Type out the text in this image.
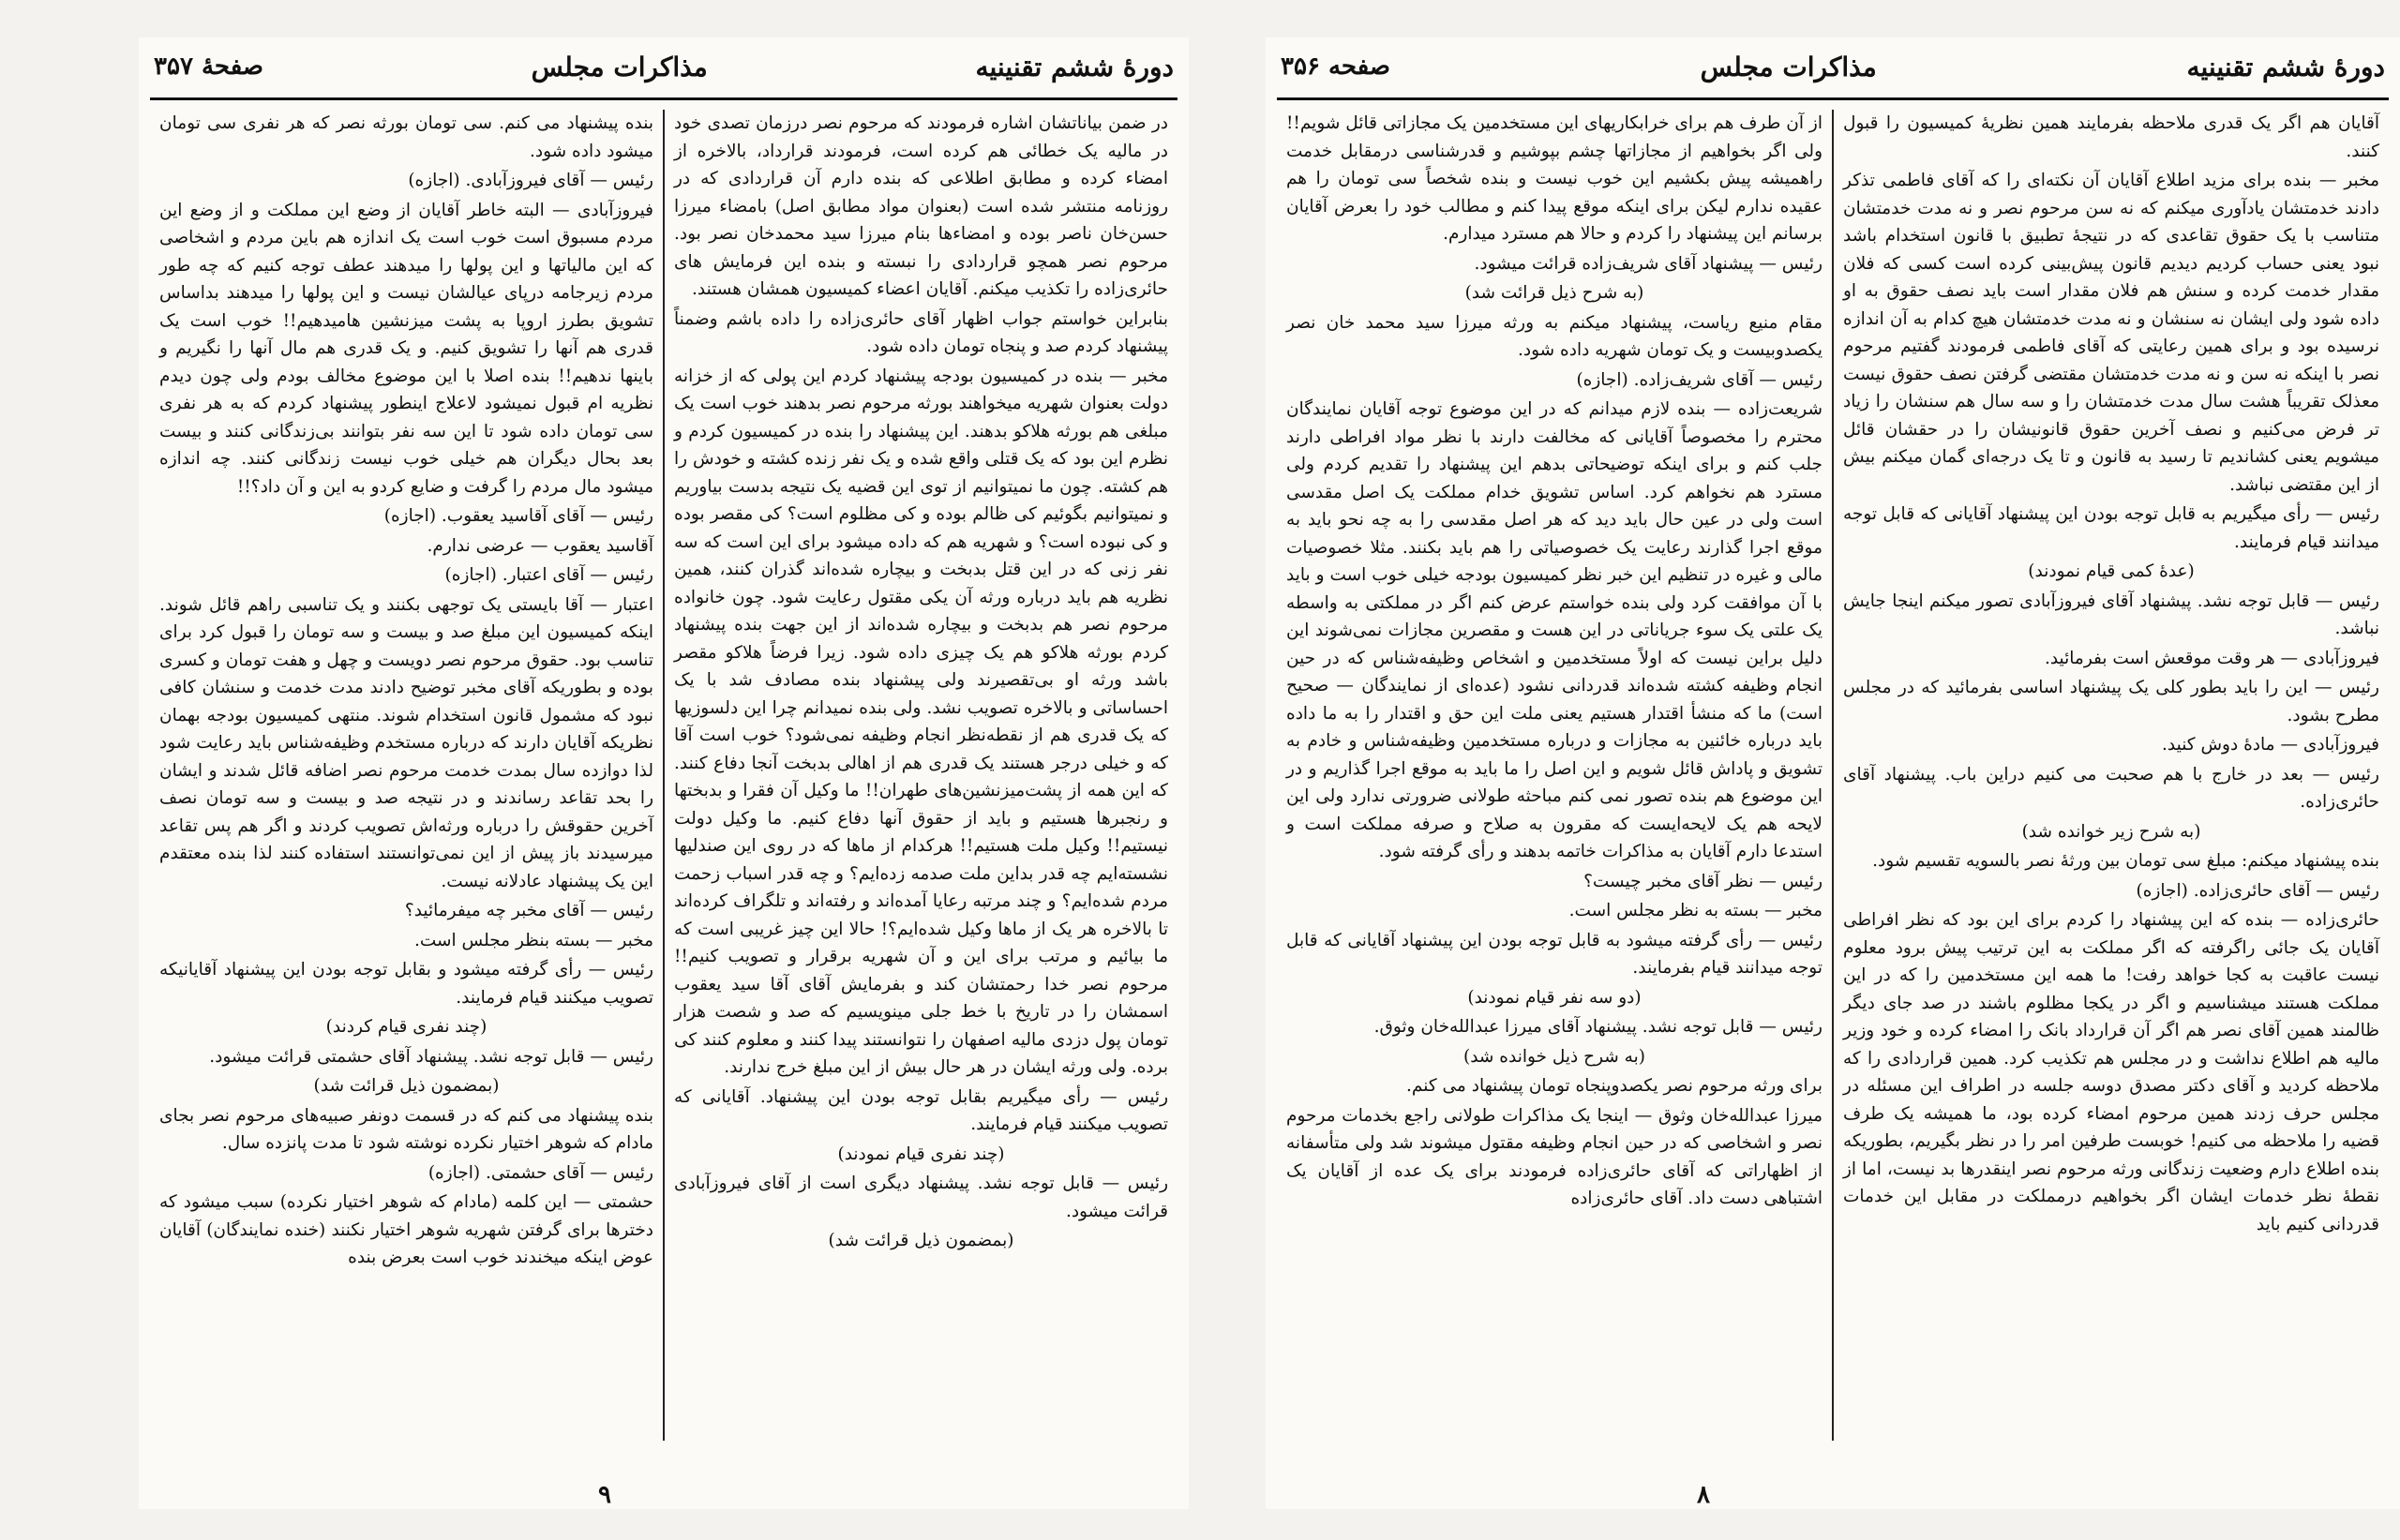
دورهٔ ششم تقنینیه
مذاکرات مجلس
صفحهٔ ۳۵۷

در ضمن بیاناتشان اشاره فرمودند که مرحوم نصر درزمان تصدی خود در مالیه یک خطائی هم کرده است، فرمودند قرارداد، بالاخره از امضاء کرده و مطابق اطلاعی که بنده دارم آن قراردادی که در روزنامه منتشر شده است (بعنوان مواد مطابق اصل) بامضاء میرزا حسن‌خان ناصر بوده و امضاءها بنام میرزا سید محمدخان نصر بود. مرحوم نصر همچو قراردادی را نبسته و بنده این فرمایش های حائری‌زاده را تکذیب میکنم. آقایان اعضاء کمیسیون همشان هستند.

بنابراین خواستم جواب اظهار آقای حائری‌زاده را داده باشم وضمناً پیشنهاد کردم صد و پنجاه تومان داده شود.

مخبر — بنده در کمیسیون بودجه پیشنهاد کردم این پولی که از خزانه دولت بعنوان شهریه میخواهند بورثه مرحوم نصر بدهند خوب است یک مبلغی هم بورثه هلاکو بدهند. این پیشنهاد را بنده در کمیسیون کردم و نظرم این بود که یک قتلی واقع شده و یک نفر زنده کشته و خودش را هم کشته. چون ما نمیتوانیم از توی این قضیه یک نتیجه بدست بیاوریم و نمیتوانیم بگوئیم کی ظالم بوده و کی مظلوم است؟ کی مقصر بوده و کی نبوده است؟ و شهریه هم که داده میشود برای این است که سه نفر زنی که در این قتل بدبخت و بیچاره شده‌اند گذران کنند، همین نظریه هم باید درباره ورثه آن یکی مقتول رعایت شود. چون خانواده مرحوم نصر هم بدبخت و بیچاره شده‌اند از این جهت بنده پیشنهاد کردم بورثه هلاکو هم یک چیزی داده شود. زیرا فرضاً هلاکو مقصر باشد ورثه او بی‌تقصیرند ولی پیشنهاد بنده مصادف شد با یک احساساتی و بالاخره تصویب نشد. ولی بنده نمیدانم چرا این دلسوزیها که یک قدری هم از نقطه‌نظر انجام وظیفه نمی‌شود؟ خوب است آقا که و خیلی درجر هستند یک قدری هم از اهالی بدبخت آنجا دفاع کنند. که این همه از پشت‌میزنشین‌های طهران!! ما وکیل آن فقرا و بدبختها و رنجبرها هستیم و باید از حقوق آنها دفاع کنیم. ما وکیل دولت نیستیم!! وکیل ملت هستیم!! هرکدام از ماها که در روی این صندلیها نشسته‌ایم چه قدر بداین ملت صدمه زده‌ایم؟ و چه قدر اسباب زحمت مردم شده‌ایم؟ و چند مرتبه رعایا آمده‌اند و رفته‌اند و تلگراف کرده‌اند تا بالاخره هر یک از ماها وکیل شده‌ایم؟! حالا این چیز غریبی است که ما بیائیم و مرتب برای این و آن شهریه برقرار و تصویب کنیم!! مرحوم نصر خدا رحمتشان کند و بفرمایش آقای آقا سید یعقوب اسمشان را در تاریخ با خط جلی مینویسیم که صد و شصت هزار تومان پول دزدی مالیه اصفهان را نتوانستند پیدا کنند و معلوم کنند کی برده. ولی ورثه ایشان در هر حال بیش از این مبلغ خرج ندارند.

رئیس — رأی میگیریم بقابل توجه بودن این پیشنهاد. آقایانی که تصویب میکنند قیام فرمایند.

(چند نفری قیام نمودند)

رئیس — قابل توجه نشد. پیشنهاد دیگری است از آقای فیروزآبادی قرائت میشود.

(بمضمون ذیل قرائت شد)

بنده پیشنهاد می کنم. سی تومان بورثه نصر که هر نفری سی تومان میشود داده شود.

رئیس — آقای فیروزآبادی. (اجازه)

فیروزآبادی — البته خاطر آقایان از وضع این مملکت و از وضع این مردم مسبوق است خوب است یک اندازه هم باین مردم و اشخاصی که این مالیاتها و این پولها را میدهند عطف توجه کنیم که چه طور مردم زیرجامه درپای عیالشان نیست و این پولها را میدهند بداساس تشویق بطرز اروپا به پشت میزنشین هامیدهیم!! خوب است یک قدری هم آنها را تشویق کنیم. و یک قدری هم مال آنها را نگیریم و باینها ندهیم!! بنده اصلا با این موضوع مخالف بودم ولی چون دیدم نظریه ام قبول نمیشود لاعلاج اینطور پیشنهاد کردم که به هر نفری سی تومان داده شود تا این سه نفر بتوانند بی‌زندگانی کنند و بیست بعد بحال دیگران هم خیلی خوب نیست زندگانی کنند. چه اندازه میشود مال مردم را گرفت و ضایع کردو به این و آن داد؟!!

رئیس — آقای آقاسید یعقوب. (اجازه)

آقاسید یعقوب — عرضی ندارم.

رئیس — آقای اعتبار. (اجازه)

اعتبار — آقا بایستی یک توجهی بکنند و یک تناسبی راهم قائل شوند. اینکه کمیسیون این مبلغ صد و بیست و سه تومان را قبول کرد برای تناسب بود. حقوق مرحوم نصر دویست و چهل و هفت تومان و کسری بوده و بطوریکه آقای مخبر توضیح دادند مدت خدمت و سنشان کافی نبود که مشمول قانون استخدام شوند. منتهی کمیسیون بودجه بهمان نظریکه آقایان دارند که درباره مستخدم وظیفه‌شناس باید رعایت شود لذا دوازده سال بمدت خدمت مرحوم نصر اضافه قائل شدند و ایشان را بحد تقاعد رساندند و در نتیجه صد و بیست و سه تومان نصف آخرین حقوقش را درباره ورثه‌اش تصویب کردند و اگر هم پس تقاعد میرسیدند باز پیش از این نمی‌توانستند استفاده کنند لذا بنده معتقدم این یک پیشنهاد عادلانه نیست.

رئیس — آقای مخبر چه میفرمائید؟

مخبر — بسته بنظر مجلس است.

رئیس — رأی گرفته میشود و بقابل توجه بودن این پیشنهاد آقایانیکه تصویب میکنند قیام فرمایند.

(چند نفری قیام کردند)

رئیس — قابل توجه نشد. پیشنهاد آقای حشمتی قرائت میشود.

(بمضمون ذیل قرائت شد)

بنده پیشنهاد می کنم که در قسمت دونفر صبیه‌های مرحوم نصر بجای مادام که شوهر اختیار نکرده نوشته شود تا مدت پانزده سال.

رئیس — آقای حشمتی. (اجازه)

حشمتی — این کلمه (مادام که شوهر اختیار نکرده) سبب میشود که دخترها برای گرفتن شهریه شوهر اختیار نکنند (خنده نمایندگان) آقایان عوض اینکه میخندند خوب است بعرض بنده

۹
دورهٔ ششم تقنینیه
مذاکرات مجلس
صفحه ۳۵۶

آقایان هم اگر یک قدری ملاحظه بفرمایند همین نظریهٔ کمیسیون را قبول کنند.

مخبر — بنده برای مزید اطلاع آقایان آن نکته‌ای را که آقای فاطمی تذکر دادند خدمتشان یادآوری میکنم که نه سن مرحوم نصر و نه مدت خدمتشان متناسب با یک حقوق تقاعدی که در نتیجهٔ تطبیق با قانون استخدام باشد نبود یعنی حساب کردیم دیدیم قانون پیش‌بینی کرده است کسی که فلان مقدار خدمت کرده و سنش هم فلان مقدار است باید نصف حقوق به او داده شود ولی ایشان نه سنشان و نه مدت خدمتشان هیچ کدام به آن اندازه نرسیده بود و برای همین رعایتی که آقای فاطمی فرمودند گفتیم مرحوم نصر با اینکه نه سن و نه مدت خدمتشان مقتضی گرفتن نصف حقوق نیست معذلک تقریباً هشت سال مدت خدمتشان را و سه سال هم سنشان را زیاد تر فرض می‌کنیم و نصف آخرین حقوق قانونیشان را در حقشان قائل میشویم یعنی کشاندیم تا رسید به قانون و تا یک درجه‌ای گمان میکنم بیش از این مقتضی نباشد.

رئیس — رأی میگیریم به قابل توجه بودن این پیشنهاد آقایانی که قابل توجه میدانند قیام فرمایند.

(عدهٔ کمی قیام نمودند)

رئیس — قابل توجه نشد. پیشنهاد آقای فیروزآبادی تصور میکنم اینجا جایش نباشد.

فیروزآبادی — هر وقت موقعش است بفرمائید.

رئیس — این را باید بطور کلی یک پیشنهاد اساسی بفرمائید که در مجلس مطرح بشود.

فیروزآبادی — مادهٔ دوش کنید.

رئیس — بعد در خارج با هم صحبت می کنیم دراین باب. پیشنهاد آقای حائری‌زاده.

(به شرح زیر خوانده شد)

بنده پیشنهاد میکنم: مبلغ سی تومان بین ورثهٔ نصر بالسویه تقسیم شود.

رئیس — آقای حائری‌زاده. (اجازه)

حائری‌زاده — بنده که این پیشنهاد را کردم برای این بود که نظر افراطی آقایان یک جائی راگرفته که اگر مملکت به این ترتیب پیش برود معلوم نیست عاقبت به کجا خواهد رفت! ما همه این مستخدمین را که در این مملکت هستند میشناسیم و اگر در یکجا مظلوم باشند در صد جای دیگر ظالمند همین آقای نصر هم اگر آن قرارداد بانک را امضاء کرده و خود وزیر مالیه هم اطلاع نداشت و در مجلس هم تکذیب کرد. همین قراردادی را که ملاحظه کردید و آقای دکتر مصدق دوسه جلسه در اطراف این مسئله در مجلس حرف زدند همین مرحوم امضاء کرده بود، ما همیشه یک طرف قضیه را ملاحظه می کنیم! خوبست طرفین امر را در نظر بگیریم، بطوریکه بنده اطلاع دارم وضعیت زندگانی ورثه مرحوم نصر اینقدرها بد نیست، اما از نقطهٔ نظر خدمات ایشان اگر بخواهیم درمملکت در مقابل این خدمات قدردانی کنیم باید

از آن طرف هم برای خرابکاریهای این مستخدمین یک مجازاتی قائل شویم!! ولی اگر بخواهیم از مجازاتها چشم بپوشیم و قدرشناسی درمقابل خدمت راهمیشه پیش بکشیم این خوب نیست و بنده شخصاً سی تومان را هم عقیده ندارم لیکن برای اینکه موقع پیدا کنم و مطالب خود را بعرض آقایان برسانم این پیشنهاد را کردم و حالا هم مسترد میدارم.

رئیس — پیشنهاد آقای شریف‌زاده قرائت میشود.

(به شرح ذیل قرائت شد)

مقام منیع ریاست، پیشنهاد میکنم به ورثه میرزا سید محمد خان نصر یکصدوبیست و یک تومان شهریه داده شود.

رئیس — آقای شریف‌زاده. (اجازه)

شریعت‌زاده — بنده لازم میدانم که در این موضوع توجه آقایان نمایندگان محترم را مخصوصاً آقایانی که مخالفت دارند با نظر مواد افراطی دارند جلب کنم و برای اینکه توضیحاتی بدهم این پیشنهاد را تقدیم کردم ولی مسترد هم نخواهم کرد. اساس تشویق خدام مملکت یک اصل مقدسی است ولی در عین حال باید دید که هر اصل مقدسی را به چه نحو باید به موقع اجرا گذارند رعایت یک خصوصیاتی را هم باید بکنند. مثلا خصوصیات مالی و غیره در تنظیم این خبر نظر کمیسیون بودجه خیلی خوب است و باید با آن موافقت کرد ولی بنده خواستم عرض کنم اگر در مملکتی به واسطه یک علتی یک سوء جریاناتی در این هست و مقصرین مجازات نمی‌شوند این دلیل براین نیست که اولاً مستخدمین و اشخاص وظیفه‌شناس که در حین انجام وظیفه کشته شده‌اند قدردانی نشود (عده‌ای از نمایندگان — صحیح است) ما که منشأ اقتدار هستیم یعنی ملت این حق و اقتدار را به ما داده باید درباره خائنین به مجازات و درباره مستخدمین وظیفه‌شناس و خادم به تشویق و پاداش قائل شویم و این اصل را ما باید به موقع اجرا گذاریم و در این موضوع هم بنده تصور نمی کنم مباحثه طولانی ضرورتی ندارد ولی این لایحه هم یک لایحه‌ایست که مقرون به صلاح و صرفه مملکت است و استدعا دارم آقایان به مذاکرات خاتمه بدهند و رأی گرفته شود.

رئیس — نظر آقای مخبر چیست؟

مخبر — بسته به نظر مجلس است.

رئیس — رأی گرفته میشود به قابل توجه بودن این پیشنهاد آقایانی که قابل توجه میدانند قیام بفرمایند.

(دو سه نفر قیام نمودند)

رئیس — قابل توجه نشد. پیشنهاد آقای میرزا عبدالله‌خان وثوق.

(به شرح ذیل خوانده شد)

برای ورثه مرحوم نصر یکصدوپنجاه تومان پیشنهاد می کنم.

میرزا عبدالله‌خان وثوق — اینجا یک مذاکرات طولانی راجع بخدمات مرحوم نصر و اشخاصی که در حین انجام وظیفه مقتول میشوند شد ولی متأسفانه از اظهاراتی که آقای حائری‌زاده فرمودند برای یک عده از آقایان یک اشتباهی دست داد. آقای حائری‌زاده

۸
